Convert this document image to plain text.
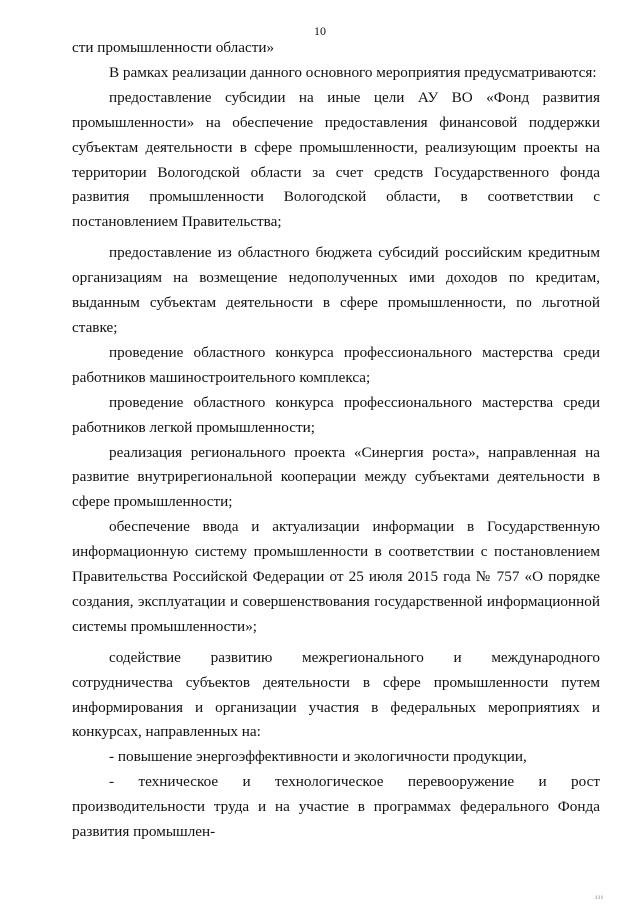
10

сти промышленности области»

В рамках реализации данного основного мероприятия предусматриваются:

предоставление субсидии на иные цели АУ ВО «Фонд развития промышленности» на обеспечение предоставления финансовой поддержки субъектам деятельности в сфере промышленности, реализующим проекты на территории Вологодской области за счет средств Государственного фонда развития промышленности Вологодской области, в соответствии с постановлением Правительства;

предоставление из областного бюджета субсидий российским кредитным организациям на возмещение недополученных ими доходов по кредитам, выданным субъектам деятельности в сфере промышленности, по льготной ставке;

проведение областного конкурса профессионального мастерства среди работников машиностроительного комплекса;

проведение областного конкурса профессионального мастерства среди работников легкой промышленности;

реализация регионального проекта «Синергия роста», направленная на развитие внутрирегиональной кооперации между субъектами деятельности в сфере промышленности;

обеспечение ввода и актуализации информации в Государственную информационную систему промышленности в соответствии с постановлением Правительства Российской Федерации от 25 июля 2015 года № 757 «О порядке создания, эксплуатации и совершенствования государственной информационной системы промышленности»;

содействие развитию межрегионального и международного сотрудничества субъектов деятельности в сфере промышленности путем информирования и организации участия в федеральных мероприятиях и конкурсах, направленных на:

- повышение энергоэффективности и экологичности продукции,

- техническое и технологическое перевооружение и рост производительности труда и на участие в программах федерального Фонда развития промышлен-

ııı
